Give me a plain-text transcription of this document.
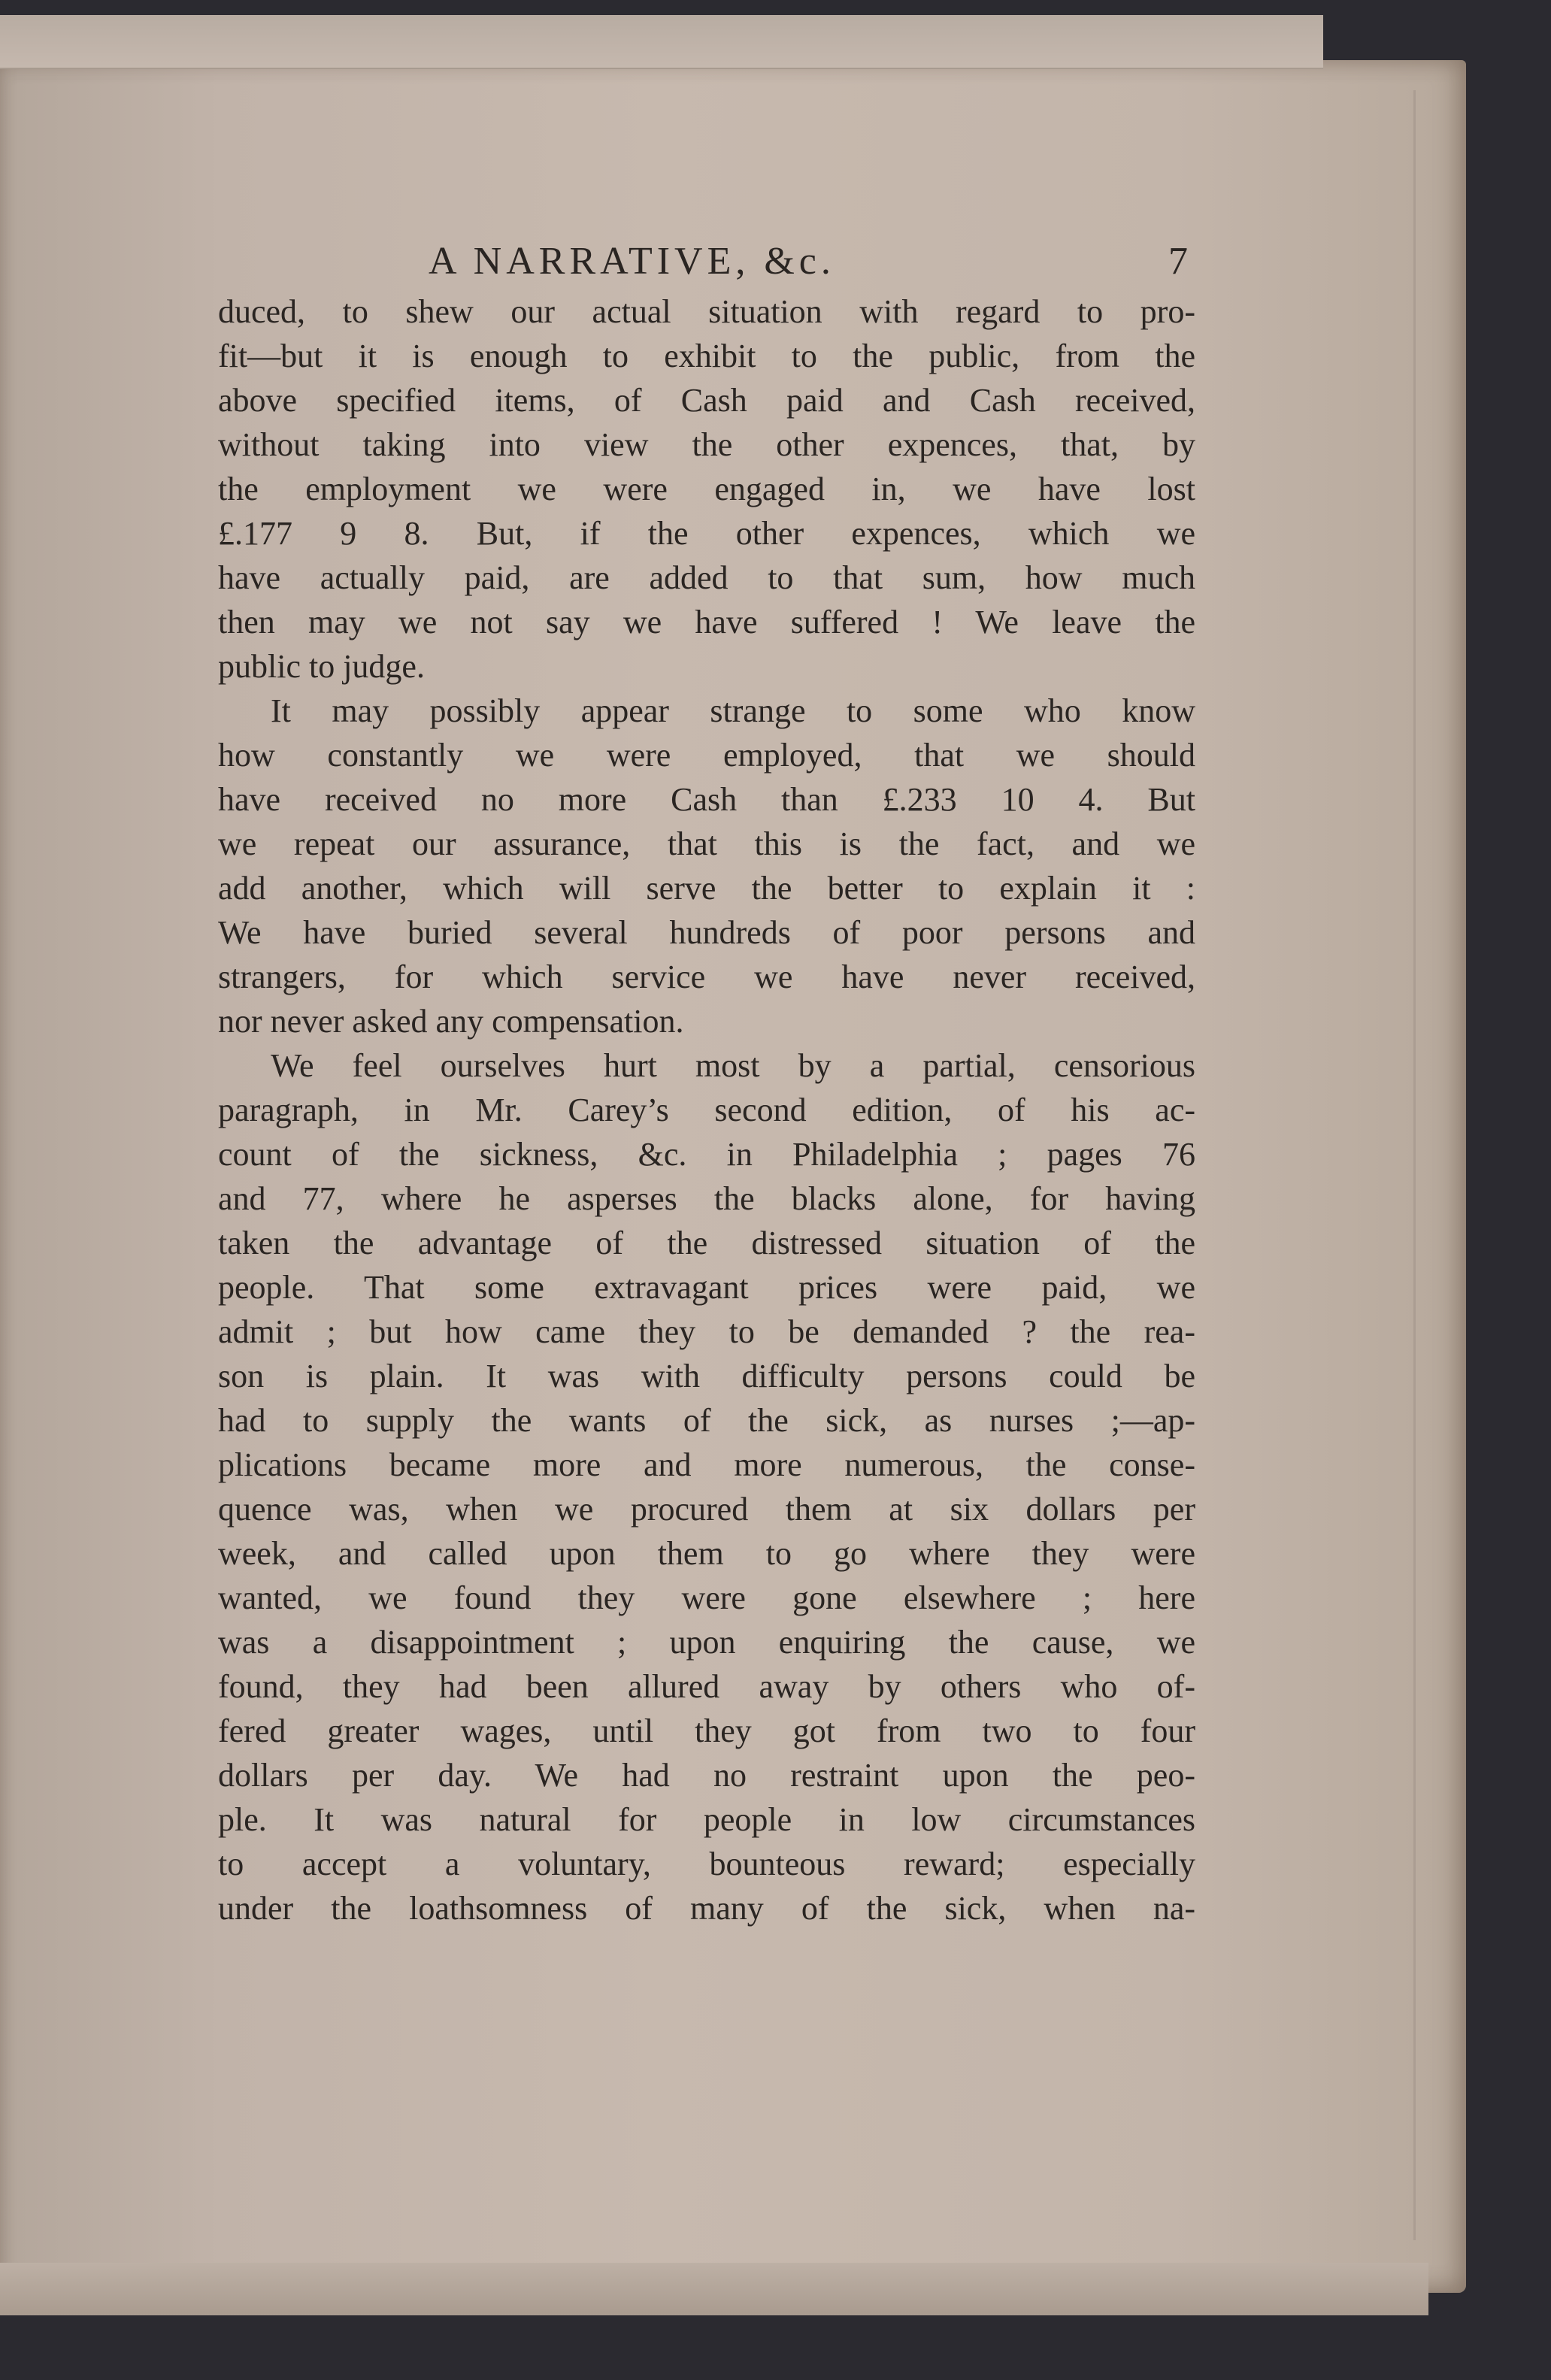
A NARRATIVE, &c.	7

duced, to shew our actual situation with regard to pro-
fit—but it is enough to exhibit to the public, from the
above specified items, of Cash paid and Cash received,
without taking into view the other expences, that, by
the employment we were engaged in, we have lost
£.177 9 8. But, if the other expences, which we
have actually paid, are added to that sum, how much
then may we not say we have suffered ! We leave the
public to judge.

It may possibly appear strange to some who know
how constantly we were employed, that we should
have received no more Cash than £.233 10 4. But
we repeat our assurance, that this is the fact, and we
add another, which will serve the better to explain it :
We have buried several hundreds of poor persons and
strangers, for which service we have never received,
nor never asked any compensation.

We feel ourselves hurt most by a partial, censorious
paragraph, in Mr. Carey’s second edition, of his ac-
count of the sickness, &c. in Philadelphia ; pages 76
and 77, where he asperses the blacks alone, for having
taken the advantage of the distressed situation of the
people. That some extravagant prices were paid, we
admit ; but how came they to be demanded ? the rea-
son is plain. It was with difficulty persons could be
had to supply the wants of the sick, as nurses ;—ap-
plications became more and more numerous, the conse-
quence was, when we procured them at six dollars per
week, and called upon them to go where they were
wanted, we found they were gone elsewhere ; here
was a disappointment ; upon enquiring the cause, we
found, they had been allured away by others who of-
fered greater wages, until they got from two to four
dollars per day. We had no restraint upon the peo-
ple. It was natural for people in low circumstances
to accept a voluntary, bounteous reward; especially
under the loathsomness of many of the sick, when na-
